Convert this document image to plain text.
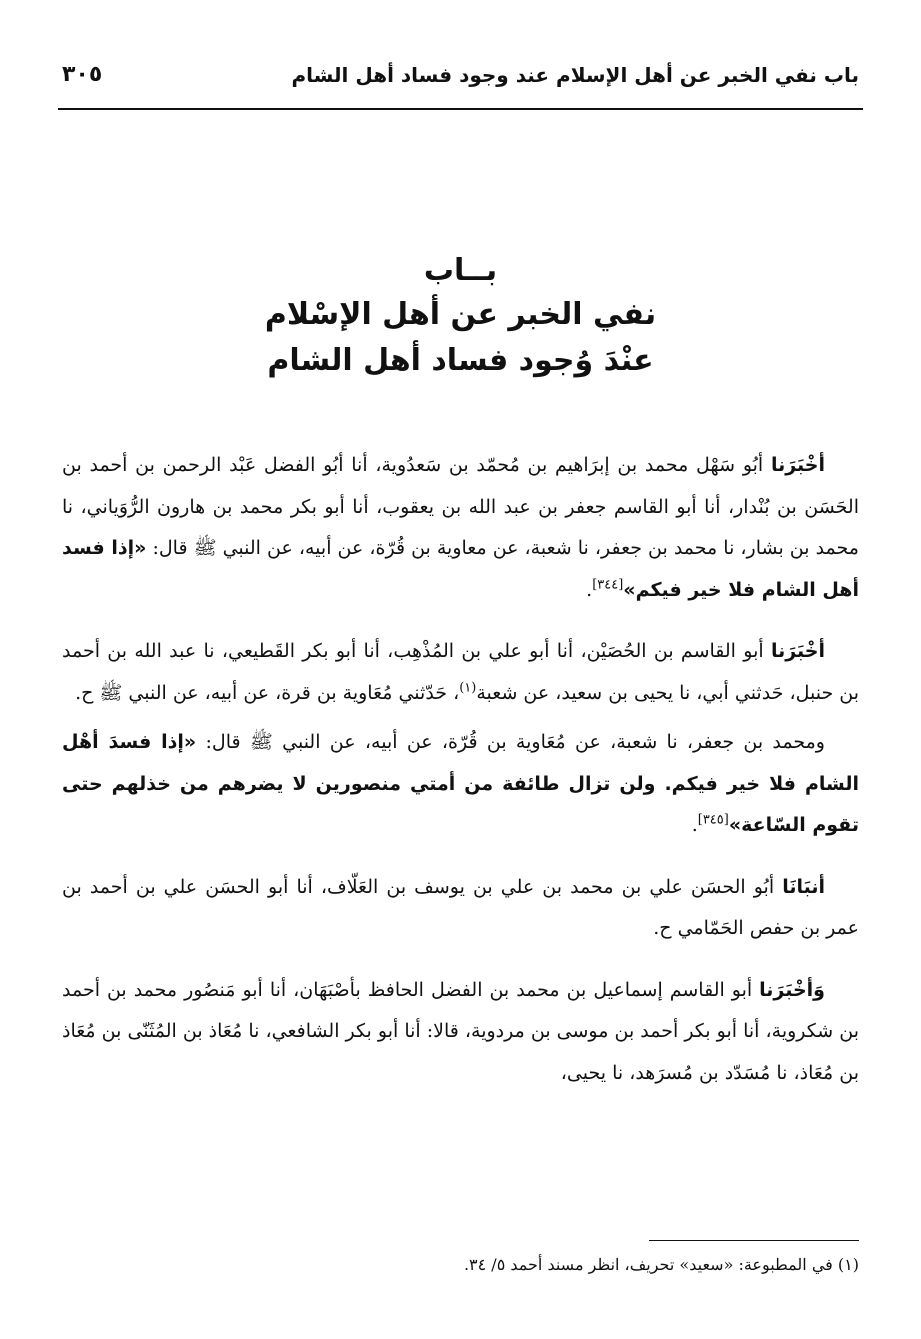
باب نفي الخبر عن أهل الإسلام عند وجود فساد أهل الشام
٣٠٥
بــاب
نفي الخبر عن أهل الإسْلام
عنْدَ وُجود فساد أهل الشام

أخْبَرَنا أبُو سَهْل محمد بن إبرَاهيم بن مُحمّد بن سَعدُوية، أنا أبُو الفضل عَبْد الرحمن بن أحمد بن الحَسَن بن بُنْدار، أنا أبو القاسم جعفر بن عبد الله بن يعقوب، أنا أبو بكر محمد بن هارون الرُّوَياني، نا محمد بن بشار، نا محمد بن جعفر، نا شعبة، عن معاوية بن قُرّة، عن أبيه، عن النبي ﷺ قال: «إذا فسد أهل الشام فلا خير فيكم»[٣٤٤].

أخْبَرَنا أبو القاسم بن الحُصَيْن، أنا أبو علي بن المُذْهِب، أنا أبو بكر القَطيعي، نا عبد الله بن أحمد بن حنبل، حَدثني أبي، نا يحيى بن سعيد، عن شعبة$^{(١)}$، حَدّثني مُعَاوية بن قرة، عن أبيه، عن النبي ﷺ ح.

ومحمد بن جعفر، نا شعبة، عن مُعَاوية بن قُرّة، عن أبيه، عن النبي ﷺ قال: «إذا فسدَ أهْل الشام فلا خير فيكم. ولن تزال طائفة من أمتي منصورين لا يضرهم من خذلهم حتى تقوم السّاعة»[٣٤٥].

أنبَانَا أبُو الحسَن علي بن محمد بن علي بن يوسف بن العَلّاف، أنا أبو الحسَن علي بن أحمد بن عمر بن حفص الحَمّامي ح.

وَأخْبَرَنا أبو القاسم إسماعيل بن محمد بن الفضل الحافظ بأصْبَهَان، أنا أبو مَنصُور محمد بن أحمد بن شكروية، أنا أبو بكر أحمد بن موسى بن مردوية، قالا: أنا أبو بكر الشافعي، نا مُعَاذ بن المُثَنّى بن مُعَاذ بن مُعَاذ، نا مُسَدّد بن مُسرَهد، نا يحيى،

(١) في المطبوعة: «سعيد» تحريف، انظر مسند أحمد ٥/ ٣٤.
